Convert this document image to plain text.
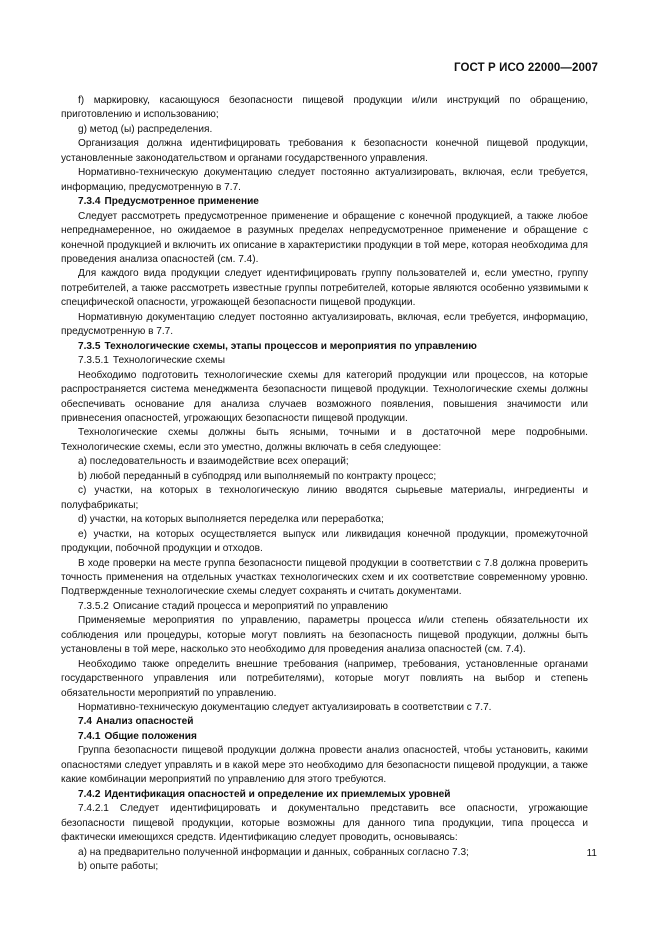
ГОСТ Р ИСО 22000—2007

f) маркировку, касающуюся безопасности пищевой продукции и/или инструкций по обращению, приготовлению и использованию;

g) метод (ы) распределения.

Организация должна идентифицировать требования к безопасности конечной пищевой продукции, установленные законодательством и органами государственного управления.

Нормативно-техническую документацию следует постоянно актуализировать, включая, если требуется, информацию, предусмотренную в 7.7.

7.3.4 Предусмотренное применение

Следует рассмотреть предусмотренное применение и обращение с конечной продукцией, а также любое непреднамеренное, но ожидаемое в разумных пределах непредусмотренное применение и обращение с конечной продукцией и включить их описание в характеристики продукции в той мере, которая необходима для проведения анализа опасностей (см. 7.4).

Для каждого вида продукции следует идентифицировать группу пользователей и, если уместно, группу потребителей, а также рассмотреть известные группы потребителей, которые являются особенно уязвимыми к специфической опасности, угрожающей безопасности пищевой продукции.

Нормативную документацию следует постоянно актуализировать, включая, если требуется, информацию, предусмотренную в 7.7.

7.3.5 Технологические схемы, этапы процессов и мероприятия по управлению

7.3.5.1 Технологические схемы

Необходимо подготовить технологические схемы для категорий продукции или процессов, на которые распространяется система менеджмента безопасности пищевой продукции. Технологические схемы должны обеспечивать основание для анализа случаев возможного появления, повышения значимости или привнесения опасностей, угрожающих безопасности пищевой продукции.

Технологические схемы должны быть ясными, точными и в достаточной мере подробными. Технологические схемы, если это уместно, должны включать в себя следующее:

a) последовательность и взаимодействие всех операций;

b) любой переданный в субподряд или выполняемый по контракту процесс;

c) участки, на которых в технологическую линию вводятся сырьевые материалы, ингредиенты и полуфабрикаты;

d) участки, на которых выполняется переделка или переработка;

e) участки, на которых осуществляется выпуск или ликвидация конечной продукции, промежуточной продукции, побочной продукции и отходов.

В ходе проверки на месте группа безопасности пищевой продукции в соответствии с 7.8 должна проверить точность применения на отдельных участках технологических схем и их соответствие современному уровню. Подтвержденные технологические схемы следует сохранять и считать документами.

7.3.5.2 Описание стадий процесса и мероприятий по управлению

Применяемые мероприятия по управлению, параметры процесса и/или степень обязательности их соблюдения или процедуры, которые могут повлиять на безопасность пищевой продукции, должны быть установлены в той мере, насколько это необходимо для проведения анализа опасностей (см. 7.4).

Необходимо также определить внешние требования (например, требования, установленные органами государственного управления или потребителями), которые могут повлиять на выбор и степень обязательности мероприятий по управлению.

Нормативно-техническую документацию следует актуализировать в соответствии с 7.7.

7.4 Анализ опасностей

7.4.1 Общие положения

Группа безопасности пищевой продукции должна провести анализ опасностей, чтобы установить, какими опасностями следует управлять и в какой мере это необходимо для безопасности пищевой продукции, а также какие комбинации мероприятий по управлению для этого требуются.

7.4.2 Идентификация опасностей и определение их приемлемых уровней

7.4.2.1 Следует идентифицировать и документально представить все опасности, угрожающие безопасности пищевой продукции, которые возможны для данного типа продукции, типа процесса и фактически имеющихся средств. Идентификацию следует проводить, основываясь:

a) на предварительно полученной информации и данных, собранных согласно 7.3;

b) опыте работы;

11
